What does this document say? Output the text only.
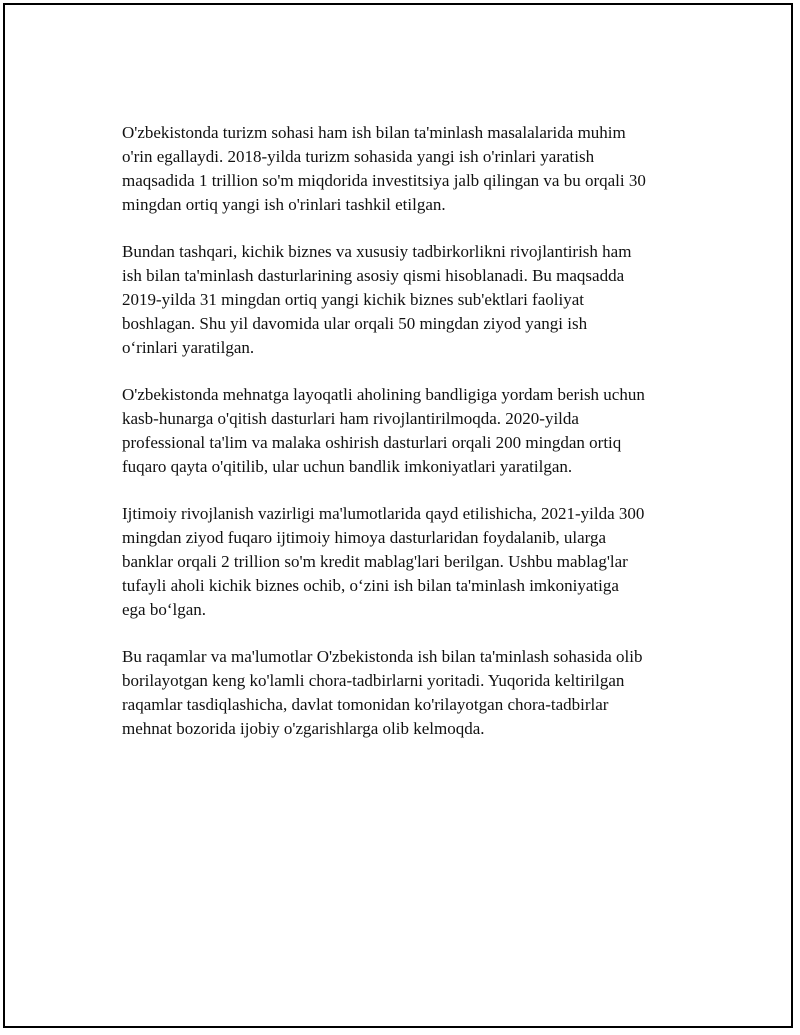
O'zbekistonda turizm sohasi ham ish bilan ta'minlash masalalarida muhim
o'rin egallaydi. 2018-yilda turizm sohasida yangi ish o'rinlari yaratish
maqsadida 1 trillion so'm miqdorida investitsiya jalb qilingan va bu orqali 30
mingdan ortiq yangi ish o'rinlari tashkil etilgan.

Bundan tashqari, kichik biznes va xususiy tadbirkorlikni rivojlantirish ham
ish bilan ta'minlash dasturlarining asosiy qismi hisoblanadi. Bu maqsadda
2019-yilda 31 mingdan ortiq yangi kichik biznes sub'ektlari faoliyat
boshlagan. Shu yil davomida ular orqali 50 mingdan ziyod yangi ish
o‘rinlari yaratilgan.

O'zbekistonda mehnatga layoqatli aholining bandligiga yordam berish uchun
kasb-hunarga o'qitish dasturlari ham rivojlantirilmoqda. 2020-yilda
professional ta'lim va malaka oshirish dasturlari orqali 200 mingdan ortiq
fuqaro qayta o'qitilib, ular uchun bandlik imkoniyatlari yaratilgan.

Ijtimoiy rivojlanish vazirligi ma'lumotlarida qayd etilishicha, 2021-yilda 300
mingdan ziyod fuqaro ijtimoiy himoya dasturlaridan foydalanib, ularga
banklar orqali 2 trillion so'm kredit mablag'lari berilgan. Ushbu mablag'lar
tufayli aholi kichik biznes ochib, o‘zini ish bilan ta'minlash imkoniyatiga
ega bo‘lgan.

Bu raqamlar va ma'lumotlar O'zbekistonda ish bilan ta'minlash sohasida olib
borilayotgan keng ko'lamli chora-tadbirlarni yoritadi. Yuqorida keltirilgan
raqamlar tasdiqlashicha, davlat tomonidan ko'rilayotgan chora-tadbirlar
mehnat bozorida ijobiy o'zgarishlarga olib kelmoqda.
